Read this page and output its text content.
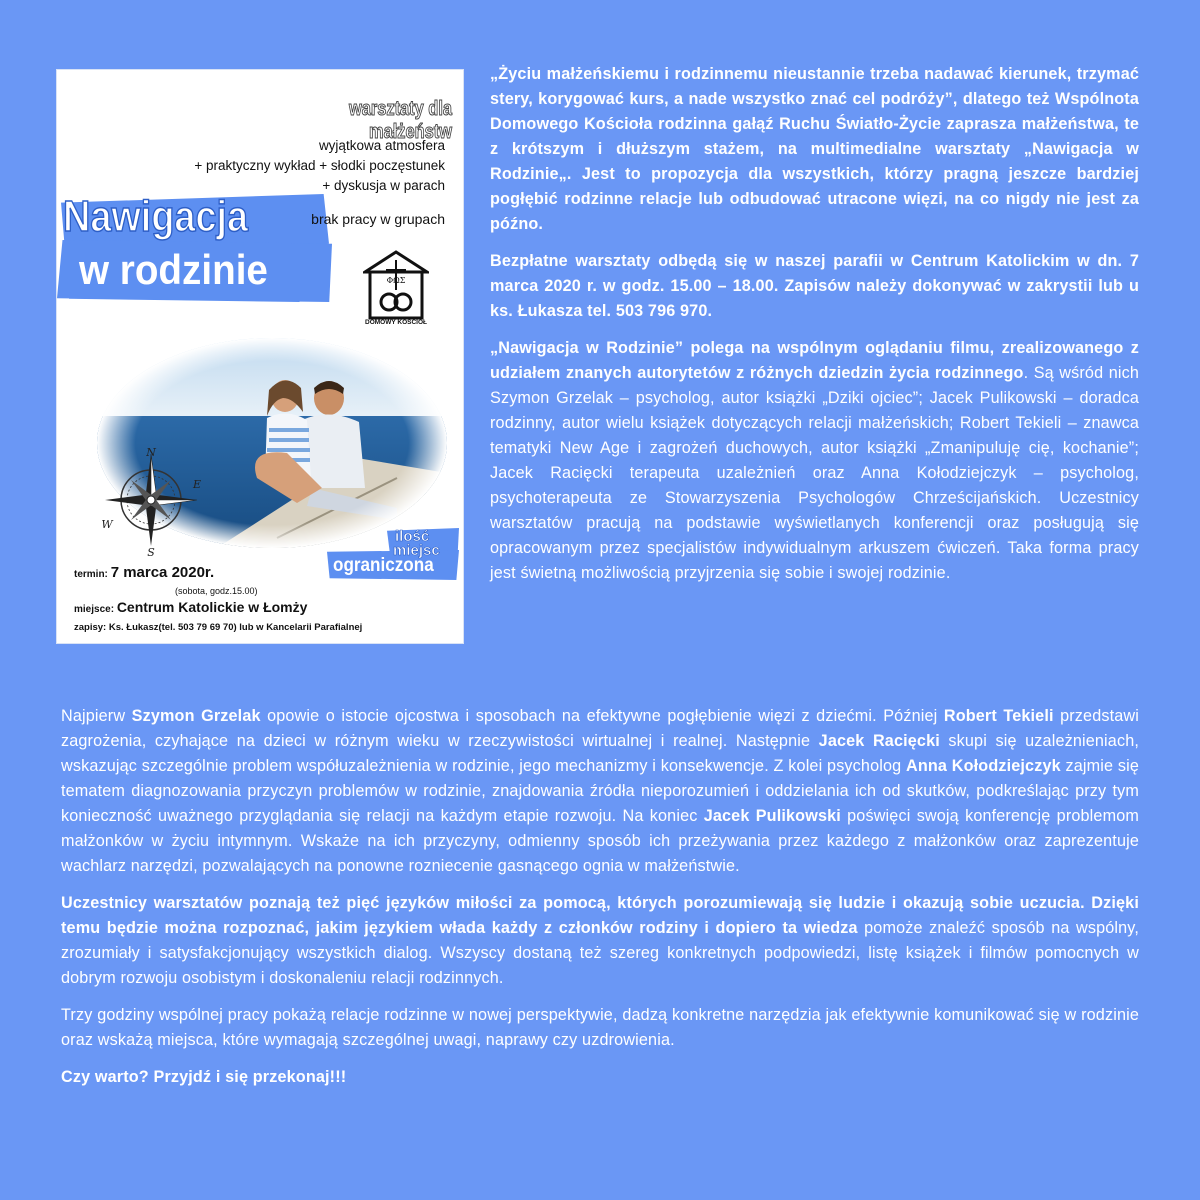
warsztaty dla małżeństw
wyjątkowa atmosfera
+ praktyczny wykład + słodki poczęstunek
+ dyskusja w parach
Nawigacja
w rodzinie
brak pracy w grupach
ΦΩΣ
DOMOWY KOŚCIÓŁ
N
S
W
E
ilość
miejsc
ograniczona
termin: 7 marca 2020r.
(sobota, godz.15.00)
miejsce: Centrum Katolickie w Łomży
zapisy: Ks. Łukasz(tel. 503 79 69 70) lub w Kancelarii Parafialnej

„Życiu małżeńskiemu i rodzinnemu nieustannie trzeba nadawać kierunek, trzymać stery, korygować kurs, a nade wszystko znać cel podróży”, dlatego też Wspólnota Domowego Kościoła rodzinna gałąź Ruchu Światło-Życie zaprasza małżeństwa, te z krótszym i dłuższym stażem, na multimedialne warsztaty „Nawigacja w Rodzinie„. Jest to propozycja dla wszystkich, którzy pragną jeszcze bardziej pogłębić rodzinne relacje lub odbudować utracone więzi, na co nigdy nie jest za późno.

Bezpłatne warsztaty odbędą się w naszej parafii w Centrum Katolickim w dn. 7 marca 2020 r. w godz. 15.00 – 18.00. Zapisów należy dokonywać w zakrystii lub u ks. Łukasza tel. 503 796 970.

„Nawigacja w Rodzinie” polega na wspólnym oglądaniu filmu, zrealizowanego z udziałem znanych autorytetów z różnych dziedzin życia rodzinnego. Są wśród nich Szymon Grzelak – psycholog, autor książki „Dziki ojciec”; Jacek Pulikowski – doradca rodzinny, autor wielu książek dotyczących relacji małżeńskich; Robert Tekieli – znawca tematyki New Age i zagrożeń duchowych, autor książki „Zmanipuluję cię, kochanie”; Jacek Racięcki terapeuta uzależnień oraz Anna Kołodziejczyk – psycholog, psychoterapeuta ze Stowarzyszenia Psychologów Chrześcijańskich. Uczestnicy warsztatów pracują na podstawie wyświetlanych konferencji oraz posługują się opracowanym przez specjalistów indywidualnym arkuszem ćwiczeń. Taka forma pracy jest świetną możliwością przyjrzenia się sobie i swojej rodzinie.

Najpierw Szymon Grzelak opowie o istocie ojcostwa i sposobach na efektywne pogłębienie więzi z dziećmi. Później Robert Tekieli przedstawi zagrożenia, czyhające na dzieci w różnym wieku w rzeczywistości wirtualnej i realnej. Następnie Jacek Racięcki skupi się uzależnieniach, wskazując szczególnie problem współuzależnienia w rodzinie, jego mechanizmy i konsekwencje. Z kolei psycholog Anna Kołodziejczyk zajmie się tematem diagnozowania przyczyn problemów w rodzinie, znajdowania źródła nieporozumień i oddzielania ich od skutków, podkreślając przy tym konieczność uważnego przyglądania się relacji na każdym etapie rozwoju. Na koniec Jacek Pulikowski poświęci swoją konferencję problemom małżonków w życiu intymnym. Wskaże na ich przyczyny, odmienny sposób ich przeżywania przez każdego z małżonków oraz zaprezentuje wachlarz narzędzi, pozwalających na ponowne rozniecenie gasnącego ognia w małżeństwie.

Uczestnicy warsztatów poznają też pięć języków miłości za pomocą, których porozumiewają się ludzie i okazują sobie uczucia. Dzięki temu będzie można rozpoznać, jakim językiem włada każdy z członków rodziny i dopiero ta wiedza pomoże znaleźć sposób na wspólny, zrozumiały i satysfakcjonujący wszystkich dialog. Wszyscy dostaną też szereg konkretnych podpowiedzi, listę książek i filmów pomocnych w dobrym rozwoju osobistym i doskonaleniu relacji rodzinnych.

Trzy godziny wspólnej pracy pokażą relacje rodzinne w nowej perspektywie, dadzą konkretne narzędzia jak efektywnie komunikować się w rodzinie oraz wskażą miejsca, które wymagają szczególnej uwagi, naprawy czy uzdrowienia.

Czy warto? Przyjdź i się przekonaj!!!
